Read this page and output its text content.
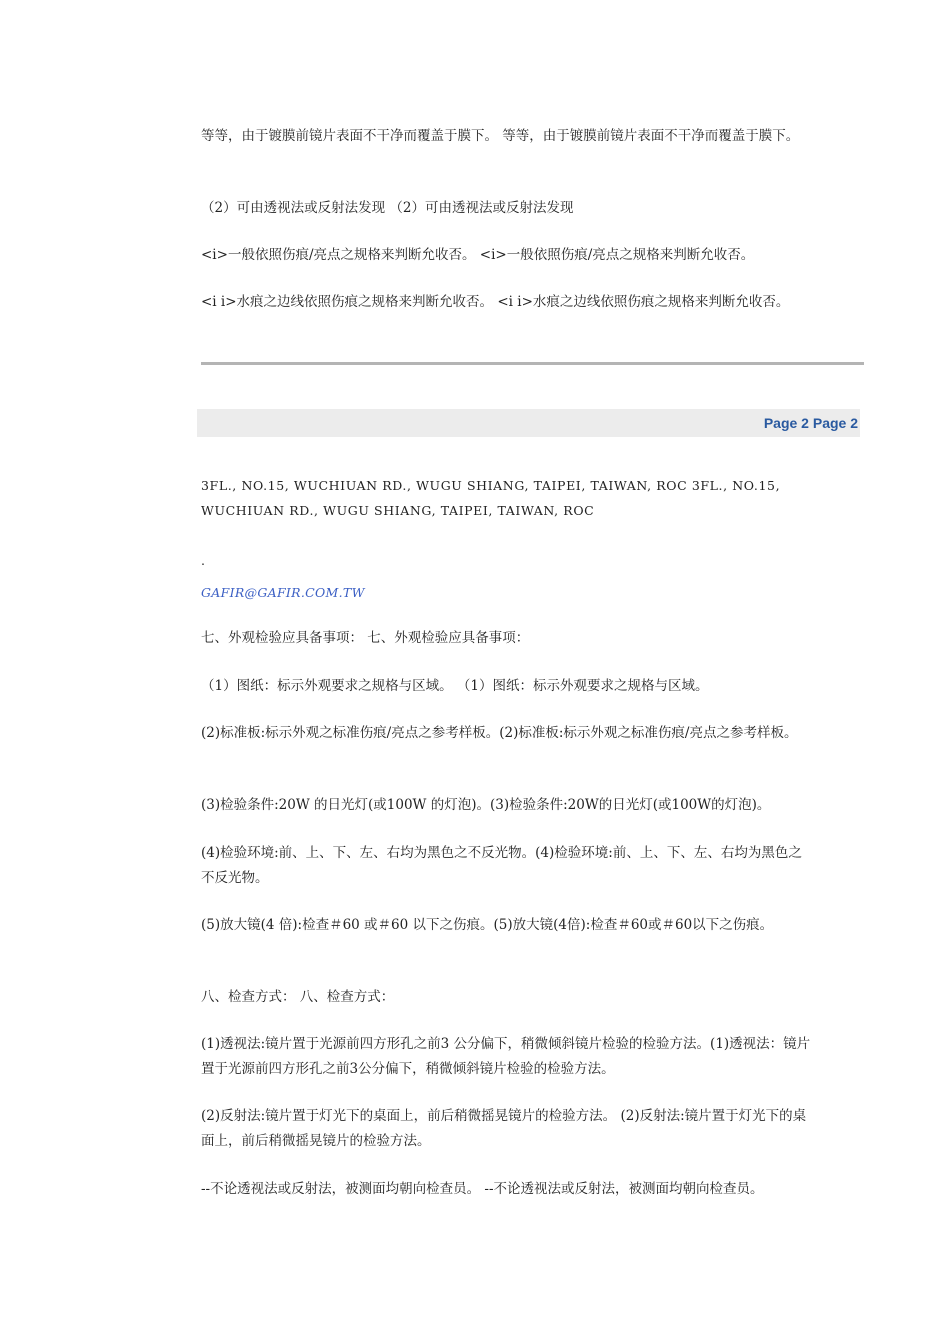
等等，由于镀膜前镜片表面不干净而覆盖于膜下。 等等，由于镀膜前镜片表面不干净而覆盖于膜下。

（2）可由透视法或反射法发现 （2）可由透视法或反射法发现

<i>一般依照伤痕/亮点之规格来判断允收否。 <i>一般依照伤痕/亮点之规格来判断允收否。

<i i>水痕之边线依照伤痕之规格来判断允收否。 <i i>水痕之边线依照伤痕之规格来判断允收否。

Page 2 Page 2

3FL., NO.15, WUCHIUAN RD., WUGU SHIANG, TAIPEI, TAIWAN, ROC 3FL., NO.15, WUCHIUAN RD., WUGU SHIANG, TAIPEI, TAIWAN, ROC

.

GAFIR@GAFIR.COM.TW

七、外观检验应具备事项： 七、外观检验应具备事项：

（1）图纸：标示外观要求之规格与区域。 （1）图纸：标示外观要求之规格与区域。

(2)标准板:标示外观之标准伤痕/亮点之参考样板。(2)标准板:标示外观之标准伤痕/亮点之参考样板。

(3)检验条件:20W 的日光灯(或100W 的灯泡)。(3)检验条件:20W的日光灯(或100W的灯泡)。

(4)检验环境:前、上、下、左、右均为黑色之不反光物。(4)检验环境:前、上、下、左、右均为黑色之不反光物。

(5)放大镜(4 倍):检查＃60 或＃60 以下之伤痕。(5)放大镜(4倍):检查＃60或＃60以下之伤痕。

八、检查方式： 八、检查方式：

(1)透视法:镜片置于光源前四方形孔之前3 公分偏下，稍微倾斜镜片检验的检验方法。(1)透视法：镜片置于光源前四方形孔之前3公分偏下，稍微倾斜镜片检验的检验方法。

(2)反射法:镜片置于灯光下的桌面上，前后稍微摇晃镜片的检验方法。 (2)反射法:镜片置于灯光下的桌面上，前后稍微摇晃镜片的检验方法。

--不论透视法或反射法，被测面均朝向检查员。 --不论透视法或反射法，被测面均朝向检查员。
